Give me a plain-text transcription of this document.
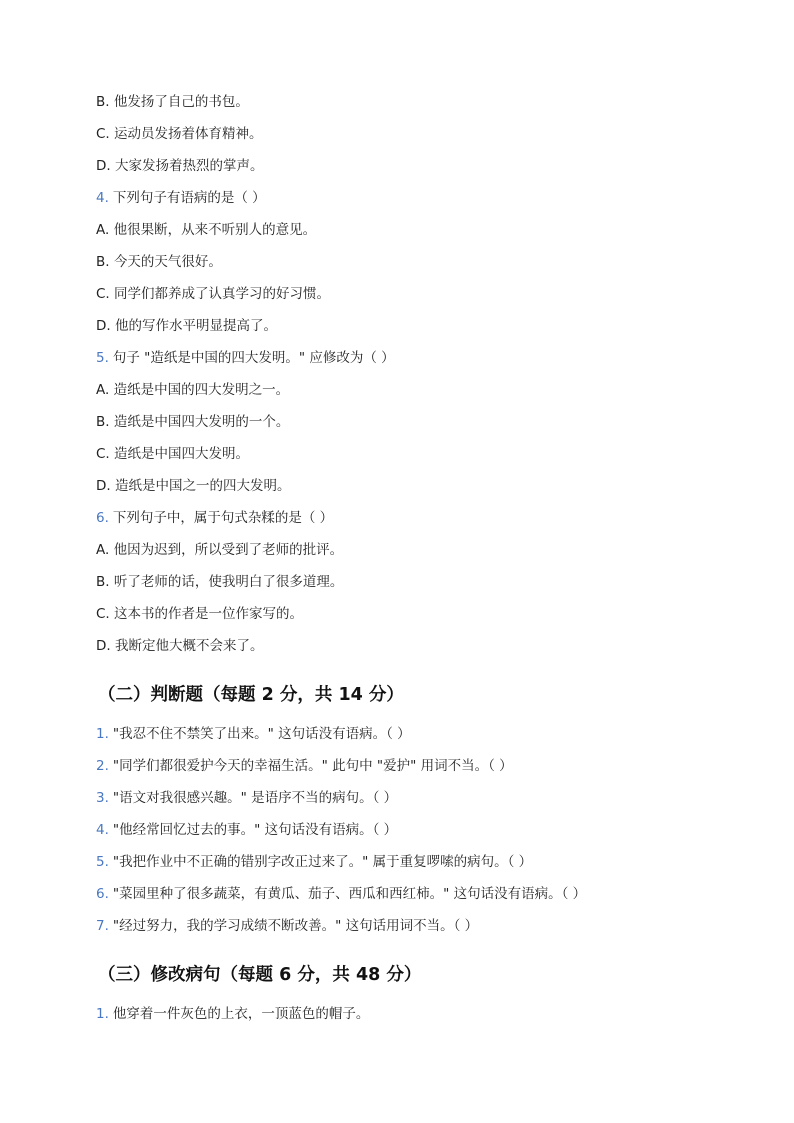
B. 他发扬了自己的书包。
C. 运动员发扬着体育精神。
D. 大家发扬着热烈的掌声。
4. 下列句子有语病的是（ ）
A. 他很果断，从来不听别人的意见。
B. 今天的天气很好。
C. 同学们都养成了认真学习的好习惯。
D. 他的写作水平明显提高了。
5. 句子 "造纸是中国的四大发明。" 应修改为（ ）
A. 造纸是中国的四大发明之一。
B. 造纸是中国四大发明的一个。
C. 造纸是中国四大发明。
D. 造纸是中国之一的四大发明。
6. 下列句子中，属于句式杂糅的是（ ）
A. 他因为迟到，所以受到了老师的批评。
B. 听了老师的话，使我明白了很多道理。
C. 这本书的作者是一位作家写的。
D. 我断定他大概不会来了。
（二）判断题（每题 2 分，共 14 分）
1. "我忍不住不禁笑了出来。" 这句话没有语病。（ ）
2. "同学们都很爱护今天的幸福生活。" 此句中 "爱护" 用词不当。（ ）
3. "语文对我很感兴趣。" 是语序不当的病句。（ ）
4. "他经常回忆过去的事。" 这句话没有语病。（ ）
5. "我把作业中不正确的错别字改正过来了。" 属于重复啰嗦的病句。（ ）
6. "菜园里种了很多蔬菜，有黄瓜、茄子、西瓜和西红柿。" 这句话没有语病。（ ）
7. "经过努力，我的学习成绩不断改善。" 这句话用词不当。（ ）
（三）修改病句（每题 6 分，共 48 分）
1. 他穿着一件灰色的上衣，一顶蓝色的帽子。
